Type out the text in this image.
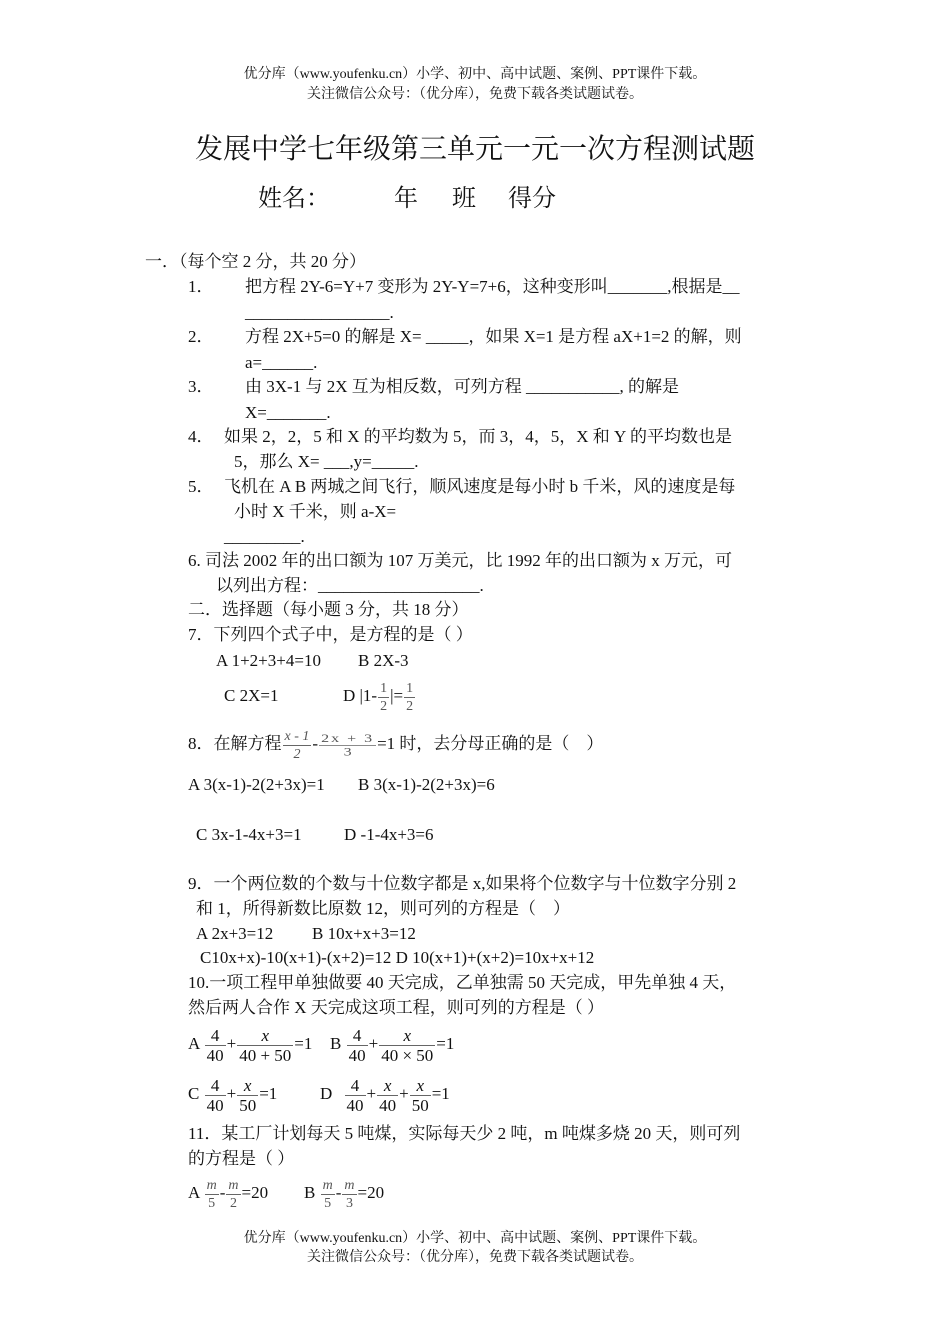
优分库（www.youfenku.cn）小学、初中、高中试题、案例、PPT课件下载。
关注微信公众号：（优分库），免费下载各类试题试卷。
发展中学七年级第三单元一元一次方程测试题
姓名：	年 班 得分
一．（每个空 2 分，共 20 分）
1． 把方程 2Y-6=Y+7 变形为 2Y-Y=7+6，这种变形叫_______,根据是__
_________________.
2． 方程 2X+5=0 的解是 X= _____，如果 X=1 是方程 aX+1=2 的解，则
a=______.
3． 由 3X-1 与 2X 互为相反数，可列方程 ___________, 的解是
X=_______.
4． 如果 2，2，5 和 X 的平均数为 5，而 3，4，5，X 和 Y 的平均数也是
5，那么 X= ___,y=_____.
5． 飞机在 A B 两城之间飞行，顺风速度是每小时 b 千米，风的速度是每
小时 X 千米，则 a-X=
_________.
6. 司法 2002 年的出口额为 107 万美元，比 1992 年的出口额为 x 万元，可
以列出方程：___________________.
二．选择题（每小题 3 分，共 18 分）
7．下列四个式子中，是方程的是（ ）
A 1+2+3+4=10 B 2X-3
C 2X=1	D $|1- \frac{1}{2}$ |= $\frac{1}{2}$
8．在解方程 $\frac{x - 1}{2} - \frac{2x + 3}{3} =1$ 时，去分母正确的是（　）
A 3(x-1)-2(2+3x)=1 B 3(x-1)-2(2+3x)=6
C 3x-1-4x+3=1 D -1-4x+3=6
9．一个两位数的个数与十位数字都是 x,如果将个位数字与十位数字分别 2
和 1，所得新数比原数 12，则可列的方程是（　）
A 2x+3=12 B 10x+x+3=12
C10x+x)-10(x+1)-(x+2)=12 D 10(x+1)+(x+2)=10x+x+12
10.一项工程甲单独做要 40 天完成，乙单独需 50 天完成，甲先单独 4 天，
然后两人合作 X 天完成这项工程，则可列的方程是（ ）
A $\frac{4}{40} + \frac{x}{40 + 50} =1$ B $\frac{4}{40} + \frac{x}{40 \times 50} =1$
C $\frac{4}{40} + \frac{x}{50} =1$	D $\frac{4}{40} + \frac{x}{40} + \frac{x}{50} =1$
11．某工厂计划每天 5 吨煤，实际每天少 2 吨，m 吨煤多烧 20 天，则可列
的方程是（ ）
A $\frac{m}{5} - \frac{m}{2} =20$ B $\frac{m}{5} - \frac{m}{3} =20$
优分库（www.youfenku.cn）小学、初中、高中试题、案例、PPT课件下载。
关注微信公众号：（优分库），免费下载各类试题试卷。
